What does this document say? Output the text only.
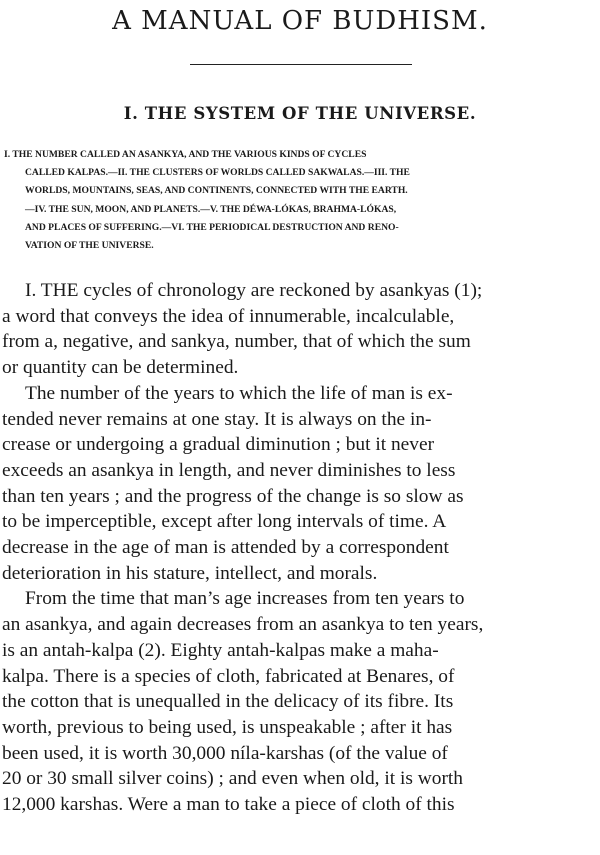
A MANUAL OF BUDHISM.
I. THE SYSTEM OF THE UNIVERSE.
I. THE NUMBER CALLED AN ASANKYA, AND THE VARIOUS KINDS OF CYCLES
CALLED KALPAS.—II. THE CLUSTERS OF WORLDS CALLED SAKWALAS.—III. THE
WORLDS, MOUNTAINS, SEAS, AND CONTINENTS, CONNECTED WITH THE EARTH.
—IV. THE SUN, MOON, AND PLANETS.—V. THE DÉWA-LÓKAS, BRAHMA-LÓKAS,
AND PLACES OF SUFFERING.—VI. THE PERIODICAL DESTRUCTION AND RENO-
VATION OF THE UNIVERSE.
I. THE cycles of chronology are reckoned by asankyas (1);
a word that conveys the idea of innumerable, incalculable,
from a, negative, and sankya, number, that of which the sum
or quantity can be determined.
The number of the years to which the life of man is ex-
tended never remains at one stay. It is always on the in-
crease or undergoing a gradual diminution ; but it never
exceeds an asankya in length, and never diminishes to less
than ten years ; and the progress of the change is so slow as
to be imperceptible, except after long intervals of time. A
decrease in the age of man is attended by a correspondent
deterioration in his stature, intellect, and morals.
From the time that man’s age increases from ten years to
an asankya, and again decreases from an asankya to ten years,
is an antah-kalpa (2). Eighty antah-kalpas make a maha-
kalpa. There is a species of cloth, fabricated at Benares, of
the cotton that is unequalled in the delicacy of its fibre. Its
worth, previous to being used, is unspeakable ; after it has
been used, it is worth 30,000 níla-karshas (of the value of
20 or 30 small silver coins) ; and even when old, it is worth
12,000 karshas. Were a man to take a piece of cloth of this
